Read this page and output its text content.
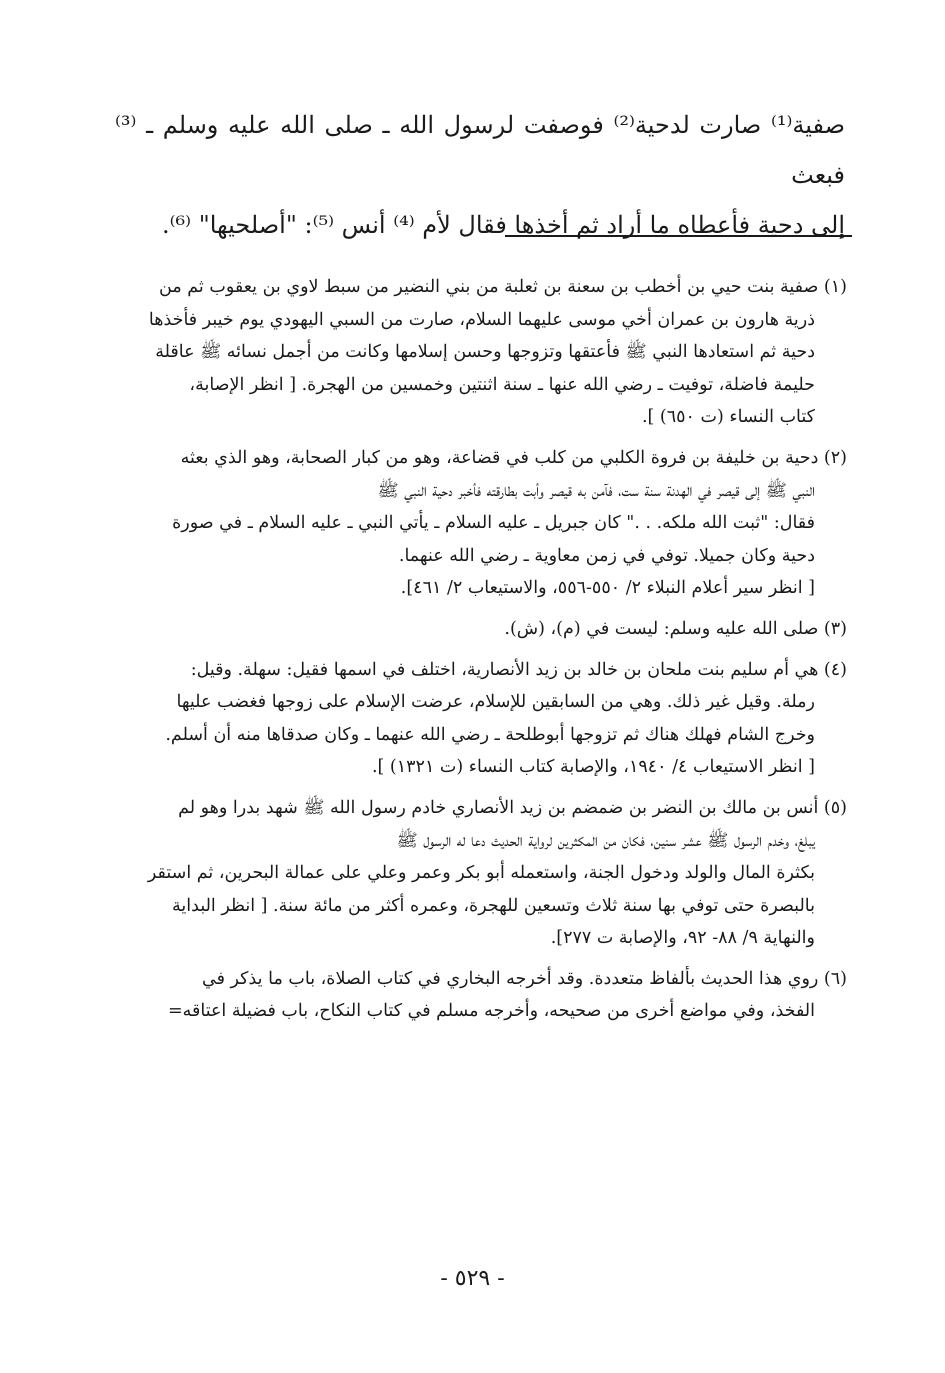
صفية⁽¹⁾ صارت لدحية⁽²⁾ فوصفت لرسول الله ـ صلى الله عليه وسلم ـ ⁽³⁾ فبعث

إلى دحية فأعطاه ما أراد ثم أخذها فقال لأم ⁽⁴⁾ أنس ⁽⁵⁾: "أصلحيها" ⁽⁶⁾.

(١) صفية بنت حيي بن أخطب بن سعنة بن ثعلبة من بني النضير من سبط لاوي بن يعقوب ثم من
ذرية هارون بن عمران أخي موسى عليهما السلام، صارت من السبي اليهودي يوم خيبر فأخذها
دحية ثم استعادها النبي ﷺ فأعتقها وتزوجها وحسن إسلامها وكانت من أجمل نسائه ﷺ عاقلة
حليمة فاضلة، توفيت ـ رضي الله عنها ـ سنة اثنتين وخمسين من الهجرة. [ انظر الإصابة،
كتاب النساء (ت ٦٥٠) ].
(٢) دحية بن خليفة بن فروة الكلبي من كلب في قضاعة، وهو من كبار الصحابة، وهو الذي بعثه
النبي ﷺ إلى قيصر في الهدنة سنة ست، فآمن به قيصر وأبت بطارقته فأخبر دحية النبي ﷺ
فقال: "ثبت الله ملكه. . ." كان جبريل ـ عليه السلام ـ يأتي النبي ـ عليه السلام ـ في صورة
دحية وكان جميلا. توفي في زمن معاوية ـ رضي الله عنهما.
[ انظر سير أعلام النبلاء ٢/ ٥٥٠-٥٥٦، والاستيعاب ٢/ ٤٦١].
(٣) صلى الله عليه وسلم: ليست في (م)، (ش).
(٤) هي أم سليم بنت ملحان بن خالد بن زيد الأنصارية، اختلف في اسمها فقيل: سهلة. وقيل:
رملة. وقيل غير ذلك. وهي من السابقين للإسلام، عرضت الإسلام على زوجها فغضب عليها
وخرج الشام فهلك هناك ثم تزوجها أبوطلحة ـ رضي الله عنهما ـ وكان صدقاها منه أن أسلم.
[ انظر الاستيعاب ٤/ ١٩٤٠، والإصابة كتاب النساء (ت ١٣٢١) ].
(٥) أنس بن مالك بن النضر بن ضمضم بن زيد الأنصاري خادم رسول الله ﷺ شهد بدرا وهو لم
يبلغ، وخدم الرسول ﷺ عشر سنين، فكان من المكثرين لرواية الحديث دعا له الرسول ﷺ
بكثرة المال والولد ودخول الجنة، واستعمله أبو بكر وعمر وعلي على عمالة البحرين، ثم استقر
بالبصرة حتى توفي بها سنة ثلاث وتسعين للهجرة، وعمره أكثر من مائة سنة. [ انظر البداية
والنهاية ٩/ ٨٨- ٩٢، والإصابة ت ٢٧٧].
(٦) روي هذا الحديث بألفاظ متعددة. وقد أخرجه البخاري في كتاب الصلاة، باب ما يذكر في
الفخذ، وفي مواضع أخرى من صحيحه، وأخرجه مسلم في كتاب النكاح، باب فضيلة اعتاقه=
- ٥٢٩ -
